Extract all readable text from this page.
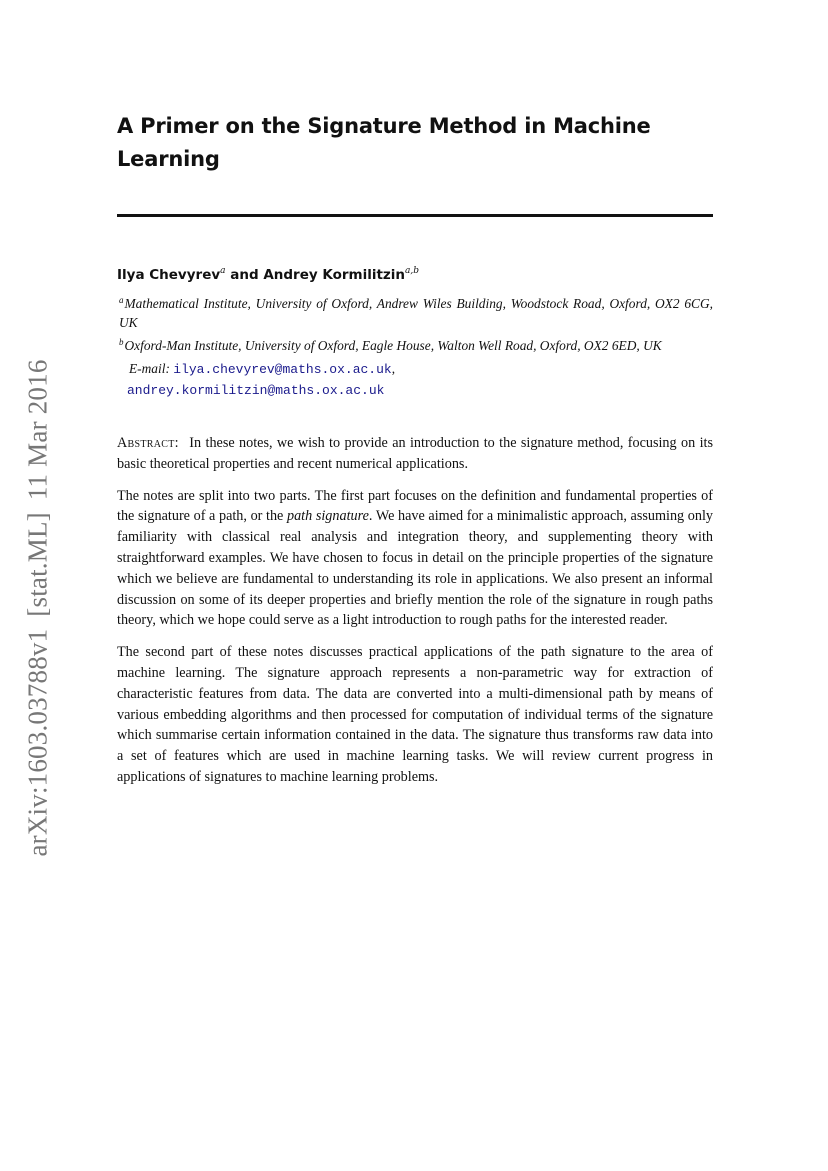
arXiv:1603.03788v1[stat.ML]11 Mar 2016
A Primer on the Signature Method in Machine Learning
Ilya Chevyrev$^a$ and Andrey Kormilitzin$^{a,b}$
$^a$Mathematical Institute, University of Oxford, Andrew Wiles Building, Woodstock Road, Oxford, OX2 6CG, UK
$^b$Oxford-Man Institute, University of Oxford, Eagle House, Walton Well Road, Oxford, OX2 6ED, UK
E-mail: ilya.chevyrev@maths.ox.ac.uk,
andrey.kormilitzin@maths.ox.ac.uk

Abstract: In these notes, we wish to provide an introduction to the signature method, focusing on its basic theoretical properties and recent numerical applications.

The notes are split into two parts. The first part focuses on the definition and fundamental properties of the signature of a path, or the path signature. We have aimed for a minimalistic approach, assuming only familiarity with classical real analysis and integration theory, and supplementing theory with straightforward examples. We have chosen to focus in detail on the principle properties of the signature which we believe are fundamental to understanding its role in applications. We also present an informal discussion on some of its deeper properties and briefly mention the role of the signature in rough paths theory, which we hope could serve as a light introduction to rough paths for the interested reader.

The second part of these notes discusses practical applications of the path signature to the area of machine learning. The signature approach represents a non-parametric way for extraction of characteristic features from data. The data are converted into a multi-dimensional path by means of various embedding algorithms and then processed for computation of individual terms of the signature which summarise certain information contained in the data. The signature thus transforms raw data into a set of features which are used in machine learning tasks. We will review current progress in applications of signatures to machine learning problems.
